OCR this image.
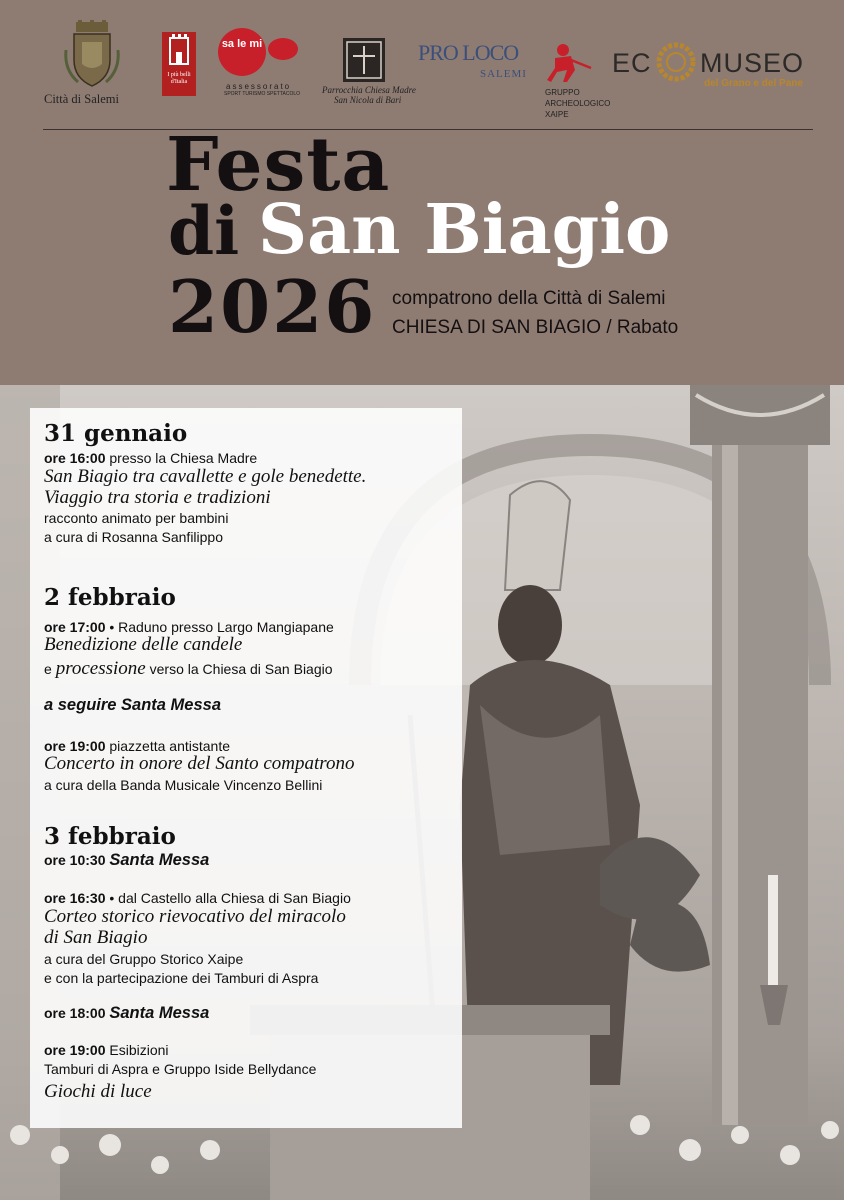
Città di Salemi
I più belli d'Italia
sa le mi
assessorato
SPORT TURISMO SPETTACOLO Parrocchia Chiesa Madre
San Nicola di Bari
PRO LOCO
SALEMI
GRUPPO
ARCHEOLOGICO
XAIPE
EC MUSEO
del Grano e del Pane
Festa
di San Biagio
2026 compatrono della Città di Salemi
CHIESA DI SAN BIAGIO / Rabato
31 gennaio
ore 16:00 presso la Chiesa Madre
San Biagio tra cavallette e gole benedette.
Viaggio tra storia e tradizioni
racconto animato per bambini
a cura di Rosanna Sanfilippo
2 febbraio
ore 17:00 • Raduno presso Largo Mangiapane
Benedizione delle candele
e processione verso la Chiesa di San Biagio
a seguire Santa Messa
ore 19:00 piazzetta antistante
Concerto in onore del Santo compatrono
a cura della Banda Musicale Vincenzo Bellini
3 febbraio
ore 10:30 Santa Messa
ore 16:30 • dal Castello alla Chiesa di San Biagio
Corteo storico rievocativo del miracolo
di San Biagio
a cura del Gruppo Storico Xaipe
e con la partecipazione dei Tamburi di Aspra
ore 18:00 Santa Messa
ore 19:00 Esibizioni
Tamburi di Aspra e Gruppo Iside Bellydance
Giochi di luce
